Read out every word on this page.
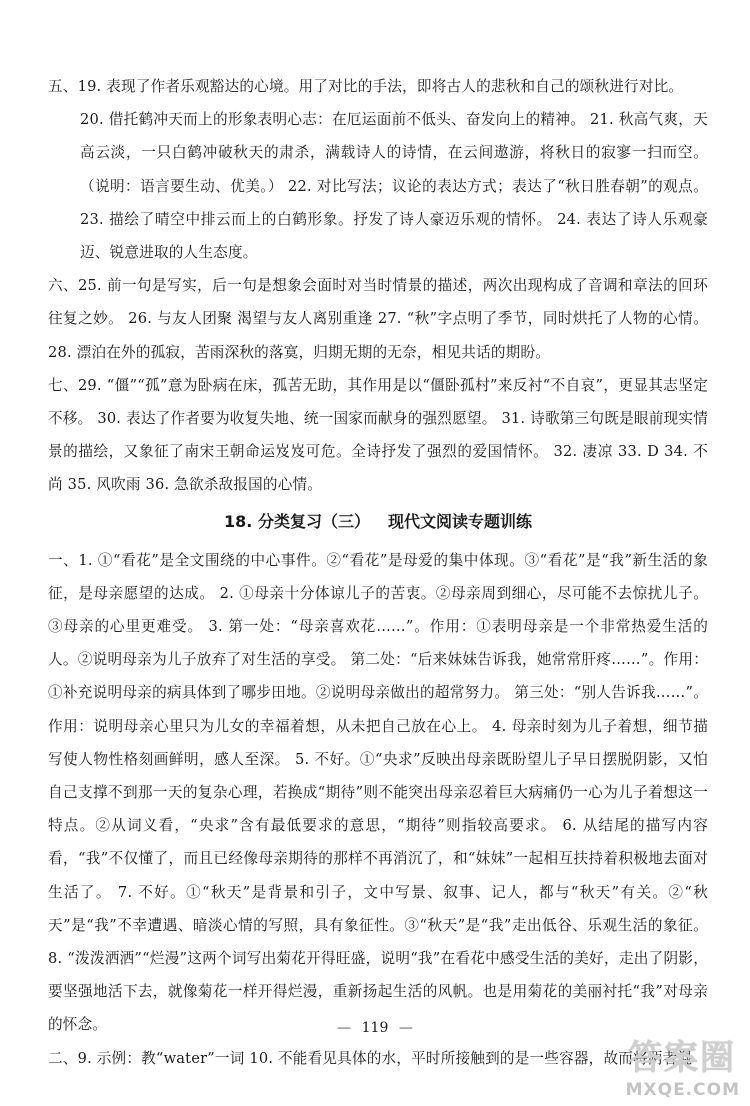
五、19. 表现了作者乐观豁达的心境。用了对比的手法，即将古人的悲秋和自己的颂秋进行对比。

20. 借托鹤冲天而上的形象表明心志：在厄运面前不低头、奋发向上的精神。 21. 秋高气爽，天高云淡，一只白鹤冲破秋天的肃杀，满载诗人的诗情，在云间遨游，将秋日的寂寥一扫而空。（说明：语言要生动、优美。） 22. 对比写法；议论的表达方式；表达了“秋日胜春朝”的观点。 23. 描绘了晴空中排云而上的白鹤形象。抒发了诗人豪迈乐观的情怀。 24. 表达了诗人乐观豪迈、锐意进取的人生态度。

六、25. 前一句是写实，后一句是想象会面时对当时情景的描述，两次出现构成了音调和章法的回环往复之妙。 26. 与友人团聚 渴望与友人离别重逢 27. “秋”字点明了季节，同时烘托了人物的心情。 28. 漂泊在外的孤寂，苦雨深秋的落寞，归期无期的无奈，相见共话的期盼。

七、29. “僵”“孤”意为卧病在床，孤苦无助，其作用是以“僵卧孤村”来反衬“不自哀”，更显其志坚定不移。 30. 表达了作者要为收复失地、统一国家而献身的强烈愿望。 31. 诗歌第三句既是眼前现实情景的描绘，又象征了南宋王朝命运岌岌可危。全诗抒发了强烈的爱国情怀。 32. 凄凉 33. D 34. 不 尚 35. 风吹雨 36. 急欲杀敌报国的心情。

18. 分类复习（三） 现代文阅读专题训练

一、1. ①“看花”是全文围绕的中心事件。②“看花”是母爱的集中体现。③“看花”是“我”新生活的象征，是母亲愿望的达成。 2. ①母亲十分体谅儿子的苦衷。②母亲周到细心，尽可能不去惊扰儿子。③母亲的心里更难受。 3. 第一处：“母亲喜欢花……”。作用：①表明母亲是一个非常热爱生活的人。②说明母亲为儿子放弃了对生活的享受。 第二处：“后来妹妹告诉我，她常常肝疼……”。作用：①补充说明母亲的病具体到了哪步田地。②说明母亲做出的超常努力。 第三处：“别人告诉我……”。作用：说明母亲心里只为儿女的幸福着想，从未把自己放在心上。 4. 母亲时刻为儿子着想，细节描写使人物性格刻画鲜明，感人至深。 5. 不好。①“央求”反映出母亲既盼望儿子早日摆脱阴影，又怕自己支撑不到那一天的复杂心理，若换成“期待”则不能突出母亲忍着巨大病痛仍一心为儿子着想这一特点。②从词义看，“央求”含有最低要求的意思，“期待”则指较高要求。 6. 从结尾的描写内容看，“我”不仅懂了，而且已经像母亲期待的那样不再消沉了，和“妹妹”一起相互扶持着积极地去面对生活了。 7. 不好。①“秋天”是背景和引子，文中写景、叙事、记人，都与“秋天”有关。②“秋天”是“我”不幸遭遇、暗淡心情的写照，具有象征性。③“秋天”是“我”走出低谷、乐观生活的象征。 8. “泼泼洒洒”“烂漫”这两个词写出菊花开得旺盛，说明“我”在看花中感受生活的美好，走出了阴影，要坚强地活下去，就像菊花一样开得烂漫，重新扬起生活的风帆。也是用菊花的美丽衬托“我”对母亲的怀念。

二、9. 示例：教“water”一词 10. 不能看见具体的水，平时所接触到的是一些容器，故而将两者混

— 119 —
答案圈
MXQE.COM
